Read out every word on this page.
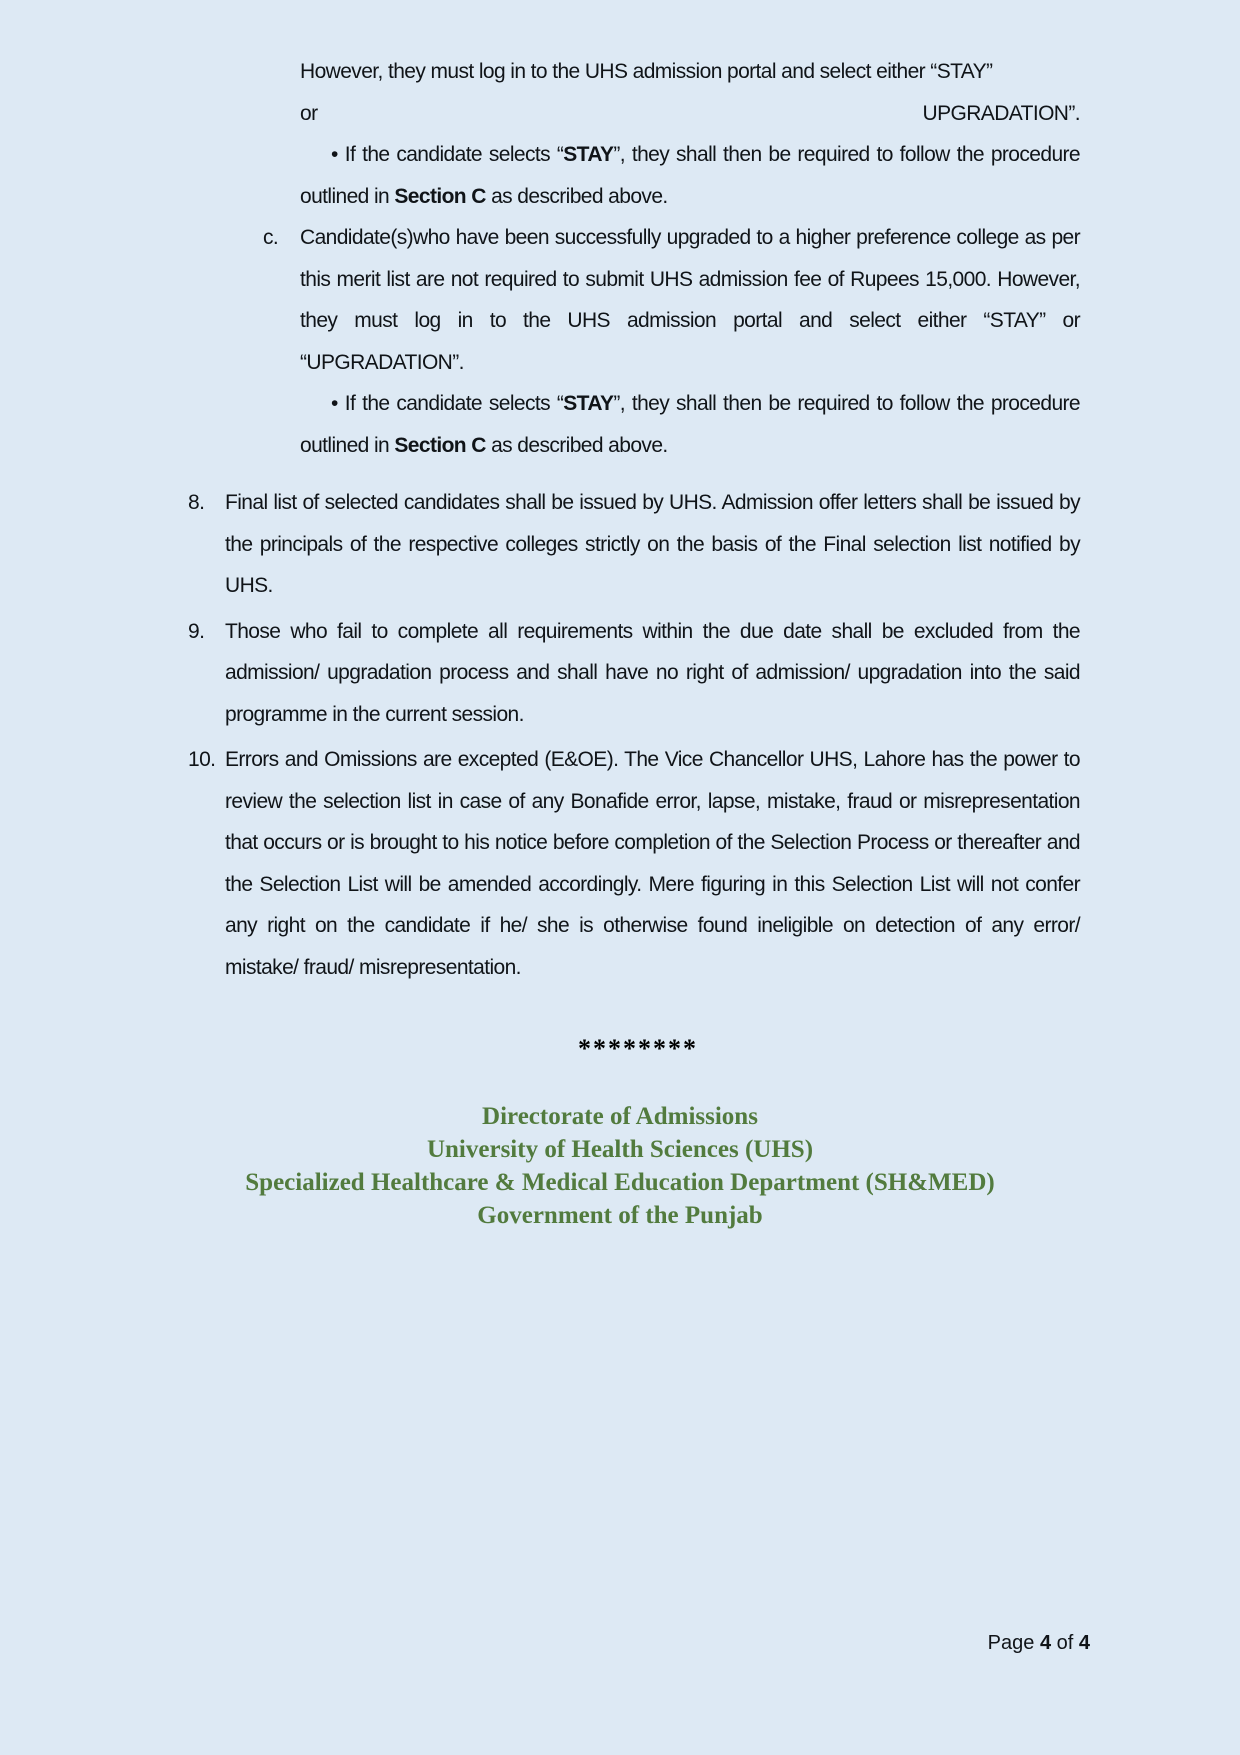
However, they must log in to the UHS admission portal and select either “STAY”
or	UPGRADATION”.
• If the candidate selects “STAY”, they shall then be required to follow the procedure outlined in Section C as described above.
c. Candidate(s)who have been successfully upgraded to a higher preference college as per this merit list are not required to submit UHS admission fee of Rupees 15,000. However, they must log in to the UHS admission portal and select either “STAY” or “UPGRADATION”.
• If the candidate selects “STAY”, they shall then be required to follow the procedure outlined in Section C as described above.
8. Final list of selected candidates shall be issued by UHS. Admission offer letters shall be issued by the principals of the respective colleges strictly on the basis of the Final selection list notified by UHS.
9. Those who fail to complete all requirements within the due date shall be excluded from the admission/ upgradation process and shall have no right of admission/ upgradation into the said programme in the current session.
10. Errors and Omissions are excepted (E&OE). The Vice Chancellor UHS, Lahore has the power to review the selection list in case of any Bonafide error, lapse, mistake, fraud or misrepresentation that occurs or is brought to his notice before completion of the Selection Process or thereafter and the Selection List will be amended accordingly. Mere figuring in this Selection List will not confer any right on the candidate if he/ she is otherwise found ineligible on detection of any error/ mistake/ fraud/ misrepresentation.
********
Directorate of Admissions
University of Health Sciences (UHS)
Specialized Healthcare & Medical Education Department (SH&MED)
Government of the Punjab
Page 4 of 4
